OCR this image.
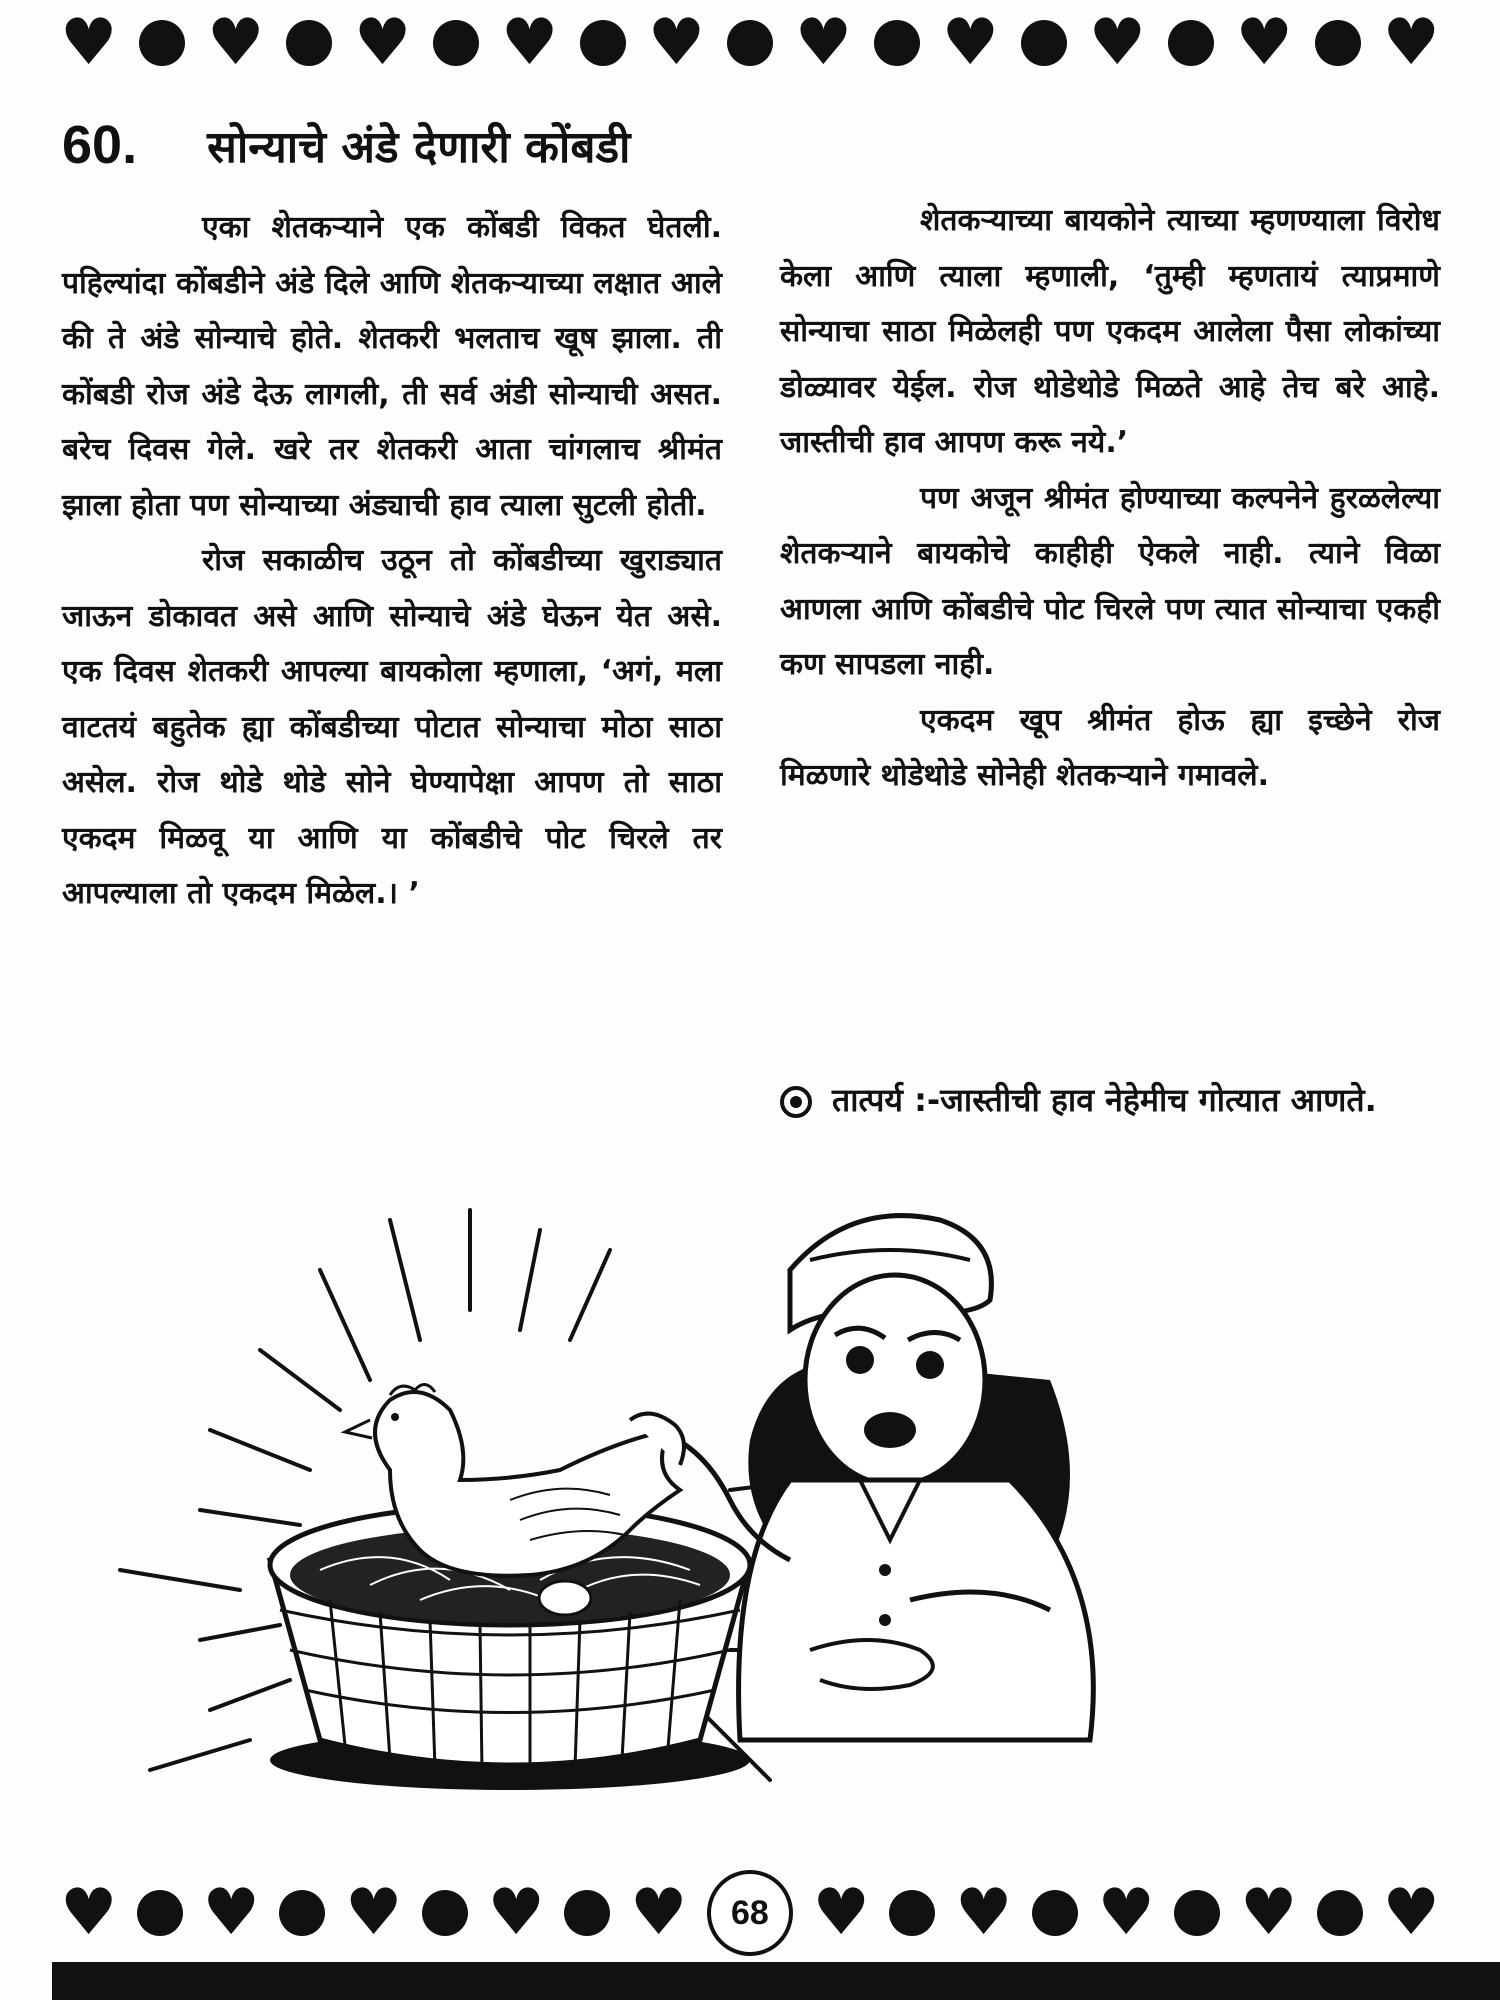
♥ ♥ ♥ ♥ ♥ ♥ ♥ ♥ ♥ ♥
60. सोन्याचे अंडे देणारी कोंबडी

एका शेतकऱ्याने एक कोंबडी विकत घेतली. पहिल्यांदा कोंबडीने अंडे दिले आणि शेतकऱ्याच्या लक्षात आले की ते अंडे सोन्याचे होते. शेतकरी भलताच खूष झाला. ती कोंबडी रोज अंडे देऊ लागली, ती सर्व अंडी सोन्याची असत. बरेच दिवस गेले. खरे तर शेतकरी आता चांगलाच श्रीमंत झाला होता पण सोन्याच्या अंड्याची हाव त्याला सुटली होती.

रोज सकाळीच उठून तो कोंबडीच्या खुराड्यात जाऊन डोकावत असे आणि सोन्याचे अंडे घेऊन येत असे. एक दिवस शेतकरी आपल्या बायकोला म्हणाला, ‘अगं, मला वाटतयं बहुतेक ह्या कोंबडीच्या पोटात सोन्याचा मोठा साठा असेल. रोज थोडे थोडे सोने घेण्यापेक्षा आपण तो साठा एकदम मिळवू या आणि या कोंबडीचे पोट चिरले तर आपल्याला तो एकदम मिळेल.। ’

शेतकऱ्याच्या बायकोने त्याच्या म्हणण्याला विरोध केला आणि त्याला म्हणाली, ‘तुम्ही म्हणतायं त्याप्रमाणे सोन्याचा साठा मिळेलही पण एकदम आलेला पैसा लोकांच्या डोळ्यावर येईल. रोज थोडेथोडे मिळते आहे तेच बरे आहे. जास्तीची हाव आपण करू नये.’

पण अजून श्रीमंत होण्याच्या कल्पनेने हुरळलेल्या शेतकऱ्याने बायकोचे काहीही ऐकले नाही. त्याने विळा आणला आणि कोंबडीचे पोट चिरले पण त्यात सोन्याचा एकही कण सापडला नाही.

एकदम खूप श्रीमंत होऊ ह्या इच्छेने रोज मिळणारे थोडेथोडे सोनेही शेतकऱ्याने गमावले.

तात्पर्य :-जास्तीची हाव नेहेमीच गोत्यात आणते.
♥ ♥ ♥ ♥ ♥	68 ♥ ♥ ♥ ♥ ♥
